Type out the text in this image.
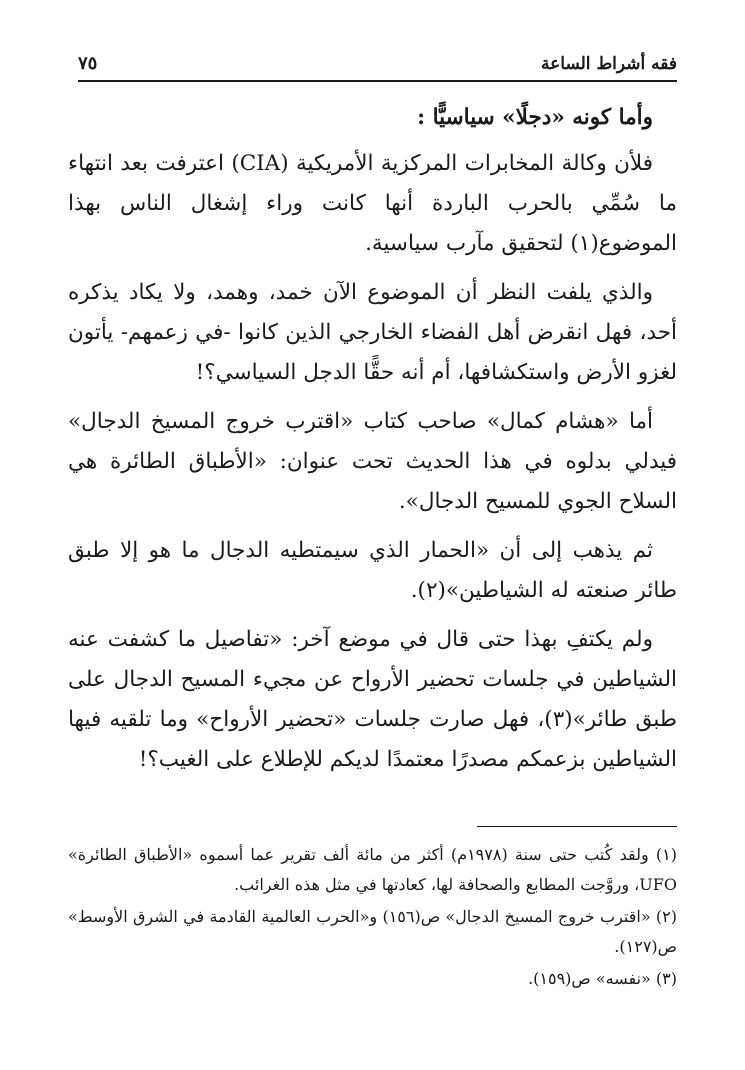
فقه أشراط الساعة
٧٥

وأما كونه «دجلًا» سياسيًّا :

فلأن وكالة المخابرات المركزية الأمريكية (CIA) اعترفت بعد انتهاء ما سُمِّي بالحرب الباردة أنها كانت وراء إشغال الناس بهذا الموضوع(١) لتحقيق مآرب سياسية.

والذي يلفت النظر أن الموضوع الآن خمد، وهمد، ولا يكاد يذكره أحد، فهل انقرض أهل الفضاء الخارجي الذين كانوا -في زعمهم- يأتون لغزو الأرض واستكشافها، أم أنه حقًّا الدجل السياسي؟!

أما «هشام كمال» صاحب كتاب «اقترب خروج المسيخ الدجال» فيدلي بدلوه في هذا الحديث تحت عنوان: «الأطباق الطائرة هي السلاح الجوي للمسيح الدجال».

ثم يذهب إلى أن «الحمار الذي سيمتطيه الدجال ما هو إلا طبق طائر صنعته له الشياطين»(٢).

ولم يكتفِ بهذا حتى قال في موضع آخر: «تفاصيل ما كشفت عنه الشياطين في جلسات تحضير الأرواح عن مجيء المسيح الدجال على طبق طائر»(٣)، فهل صارت جلسات «تحضير الأرواح» وما تلقيه فيها الشياطين بزعمكم مصدرًا معتمدًا لديكم للإطلاع على الغيب؟!

(١) ولقد كُتب حتى سنة (١٩٧٨م) أكثر من مائة ألف تقرير عما أسموه «الأطباق الطائرة» UFO، وروَّجت المطابع والصحافة لها، كعادتها في مثل هذه الغرائب.

(٢) «اقترب خروج المسيخ الدجال» ص(١٥٦) و«الحرب العالمية القادمة في الشرق الأوسط» ص(١٢٧).

(٣) «نفسه» ص(١٥٩).
